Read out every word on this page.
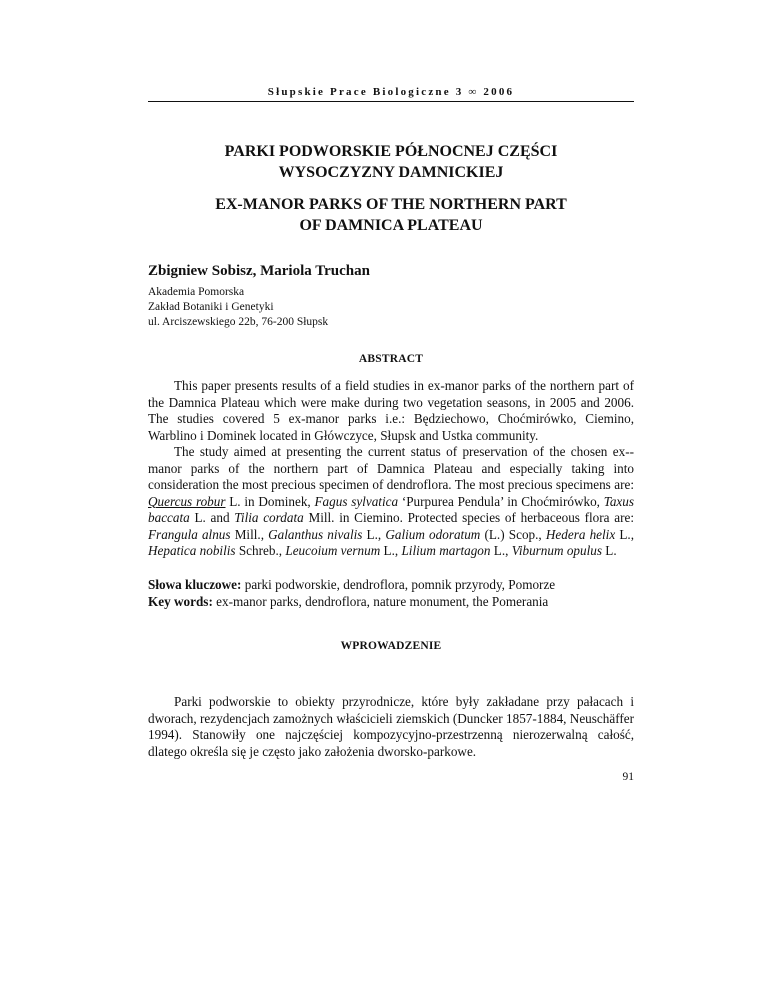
Słupskie Prace Biologiczne 3 ∞ 2006
PARKI PODWORSKIE PÓŁNOCNEJ CZĘŚCI
WYSOCZYZNY DAMNICKIEJ
EX-MANOR PARKS OF THE NORTHERN PART
OF DAMNICA PLATEAU
Zbigniew Sobisz, Mariola Truchan
Akademia Pomorska
Zakład Botaniki i Genetyki
ul. Arciszewskiego 22b, 76-200 Słupsk
ABSTRACT

This paper presents results of a field studies in ex-manor parks of the northern part of the Damnica Plateau which were make during two vegetation seasons, in 2005 and 2006. The studies covered 5 ex-manor parks i.e.: Będziechowo, Choćmirówko, Ciemino, Warblino i Dominek located in Główczyce, Słupsk and Ustka community.

The study aimed at presenting the current status of preservation of the chosen ex--manor parks of the northern part of Damnica Plateau and especially taking into consideration the most precious specimen of dendroflora. The most precious specimens are: Quercus robur L. in Dominek, Fagus sylvatica ‘Purpurea Pendula’ in Choćmirówko, Taxus baccata L. and Tilia cordata Mill. in Ciemino. Protected species of herbaceous flora are: Frangula alnus Mill., Galanthus nivalis L., Galium odoratum (L.) Scop., Hedera helix L., Hepatica nobilis Schreb., Leucoium vernum L., Lilium martagon L., Viburnum opulus L.

Słowa kluczowe: parki podworskie, dendroflora, pomnik przyrody, Pomorze
Key words: ex-manor parks, dendroflora, nature monument, the Pomerania
WPROWADZENIE

Parki podworskie to obiekty przyrodnicze, które były zakładane przy pałacach i dworach, rezydencjach zamożnych właścicieli ziemskich (Duncker 1857-1884, Neuschäffer 1994). Stanowiły one najczęściej kompozycyjno-przestrzenną nierozerwalną całość, dlatego określa się je często jako założenia dworsko-parkowe.

91
